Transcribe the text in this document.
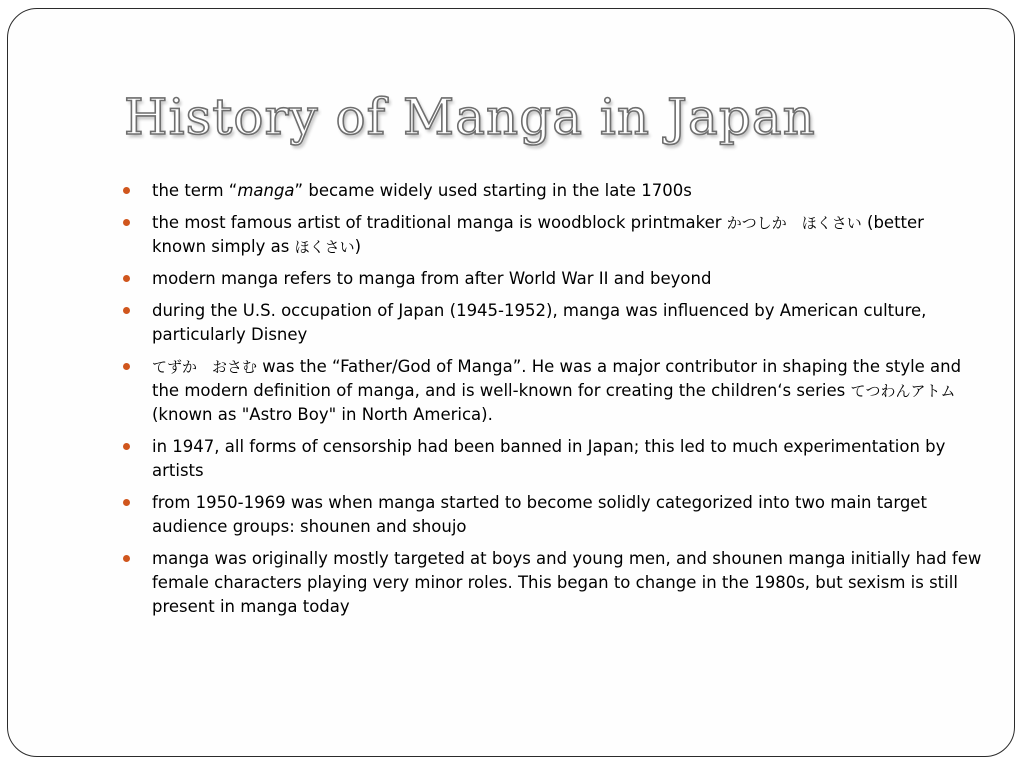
History of Manga in Japan
the term “manga” became widely used starting in the late 1700s
the most famous artist of traditional manga is woodblock printmaker かつしか　ほくさい (better known simply as ほくさい)
modern manga refers to manga from after World War II and beyond
during the U.S. occupation of Japan (1945-1952), manga was influenced by American culture, particularly Disney
てずか　おさむ was the “Father/God of Manga”. He was a major contributor in shaping the style and the modern definition of manga, and is well-known for creating the children‘s series てつわんアトム (known as "Astro Boy" in North America).
in 1947, all forms of censorship had been banned in Japan; this led to much experimentation by artists
from 1950-1969 was when manga started to become solidly categorized into two main target audience groups: shounen and shoujo
manga was originally mostly targeted at boys and young men, and shounen manga initially had few female characters playing very minor roles. This began to change in the 1980s, but sexism is still present in manga today
